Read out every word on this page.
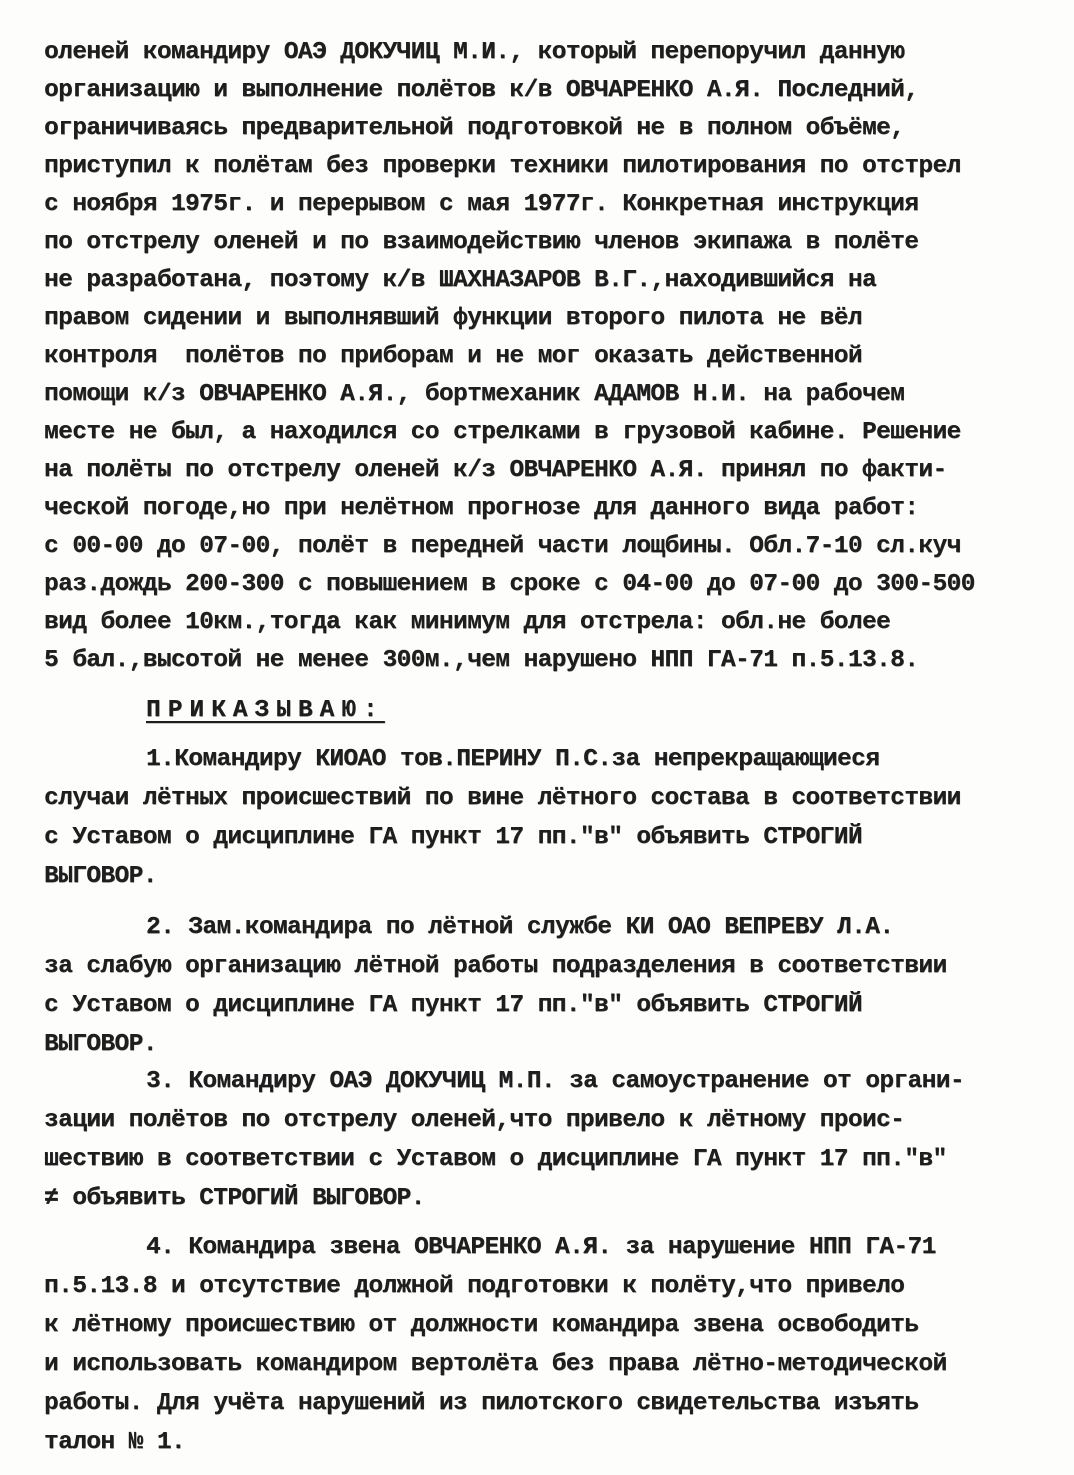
оленей командиру ОАЭ ДОКУЧИЦ М.И., который перепоручил данную
организацию и выполнение полётов к/в ОВЧАРЕНКО А.Я. Последний,
ограничиваясь предварительной подготовкой не в полном объёме,
приступил к полётам без проверки техники пилотирования по отстрел
с ноября 1975г. и перерывом с мая 1977г. Конкретная инструкция
по отстрелу оленей и по взаимодействию членов экипажа в полёте
не разработана, поэтому к/в ШАХНАЗАРОВ В.Г.,находившийся на
правом сидении и выполнявший функции второго пилота не вёл
контроля  полётов по приборам и не мог оказать действенной
помощи к/з ОВЧАРЕНКО А.Я., бортмеханик АДАМОВ Н.И. на рабочем
месте не был, а находился со стрелками в грузовой кабине. Решение
на полёты по отстрелу оленей к/з ОВЧАРЕНКО А.Я. принял по факти-
ческой погоде,но при нелётном прогнозе для данного вида работ:
с 00-00 до 07-00, полёт в передней части лощбины. Обл.7-10 сл.куч
раз.дождь 200-300 с повышением в сроке с 04-00 до 07-00 до 300-500
вид более 10км.,тогда как минимум для отстрела: обл.не более
5 бал.,высотой не менее 300м.,чем нарушено НПП ГА-71 п.5.13.8.
ПРИКАЗЫВАЮ:
1.Командиру КИОАО тов.ПЕРИНУ П.С.за непрекращающиеся
случаи лётных происшествий по вине лётного состава в соответствии
с Уставом о дисциплине ГА пункт 17 пп."в" объявить СТРОГИЙ
ВЫГОВОР.
2. Зам.командира по лётной службе КИ ОАО ВЕПРЕВУ Л.А.
за слабую организацию лётной работы подразделения в соответствии
с Уставом о дисциплине ГА пункт 17 пп."в" объявить СТРОГИЙ
ВЫГОВОР.
3. Командиру ОАЭ ДОКУЧИЦ М.П. за самоустранение от органи-
зации полётов по отстрелу оленей,что привело к лётному проис-
шествию в соответствии с Уставом о дисциплине ГА пункт 17 пп."в"
≠ объявить СТРОГИЙ ВЫГОВОР.
4. Командира звена ОВЧАРЕНКО А.Я. за нарушение НПП ГА-71
п.5.13.8 и отсутствие должной подготовки к полёту,что привело
к лётному происшествию от должности командира звена освободить
и использовать командиром вертолёта без права лётно-методической
работы. Для учёта нарушений из пилотского свидетельства изъять
талон № 1.
